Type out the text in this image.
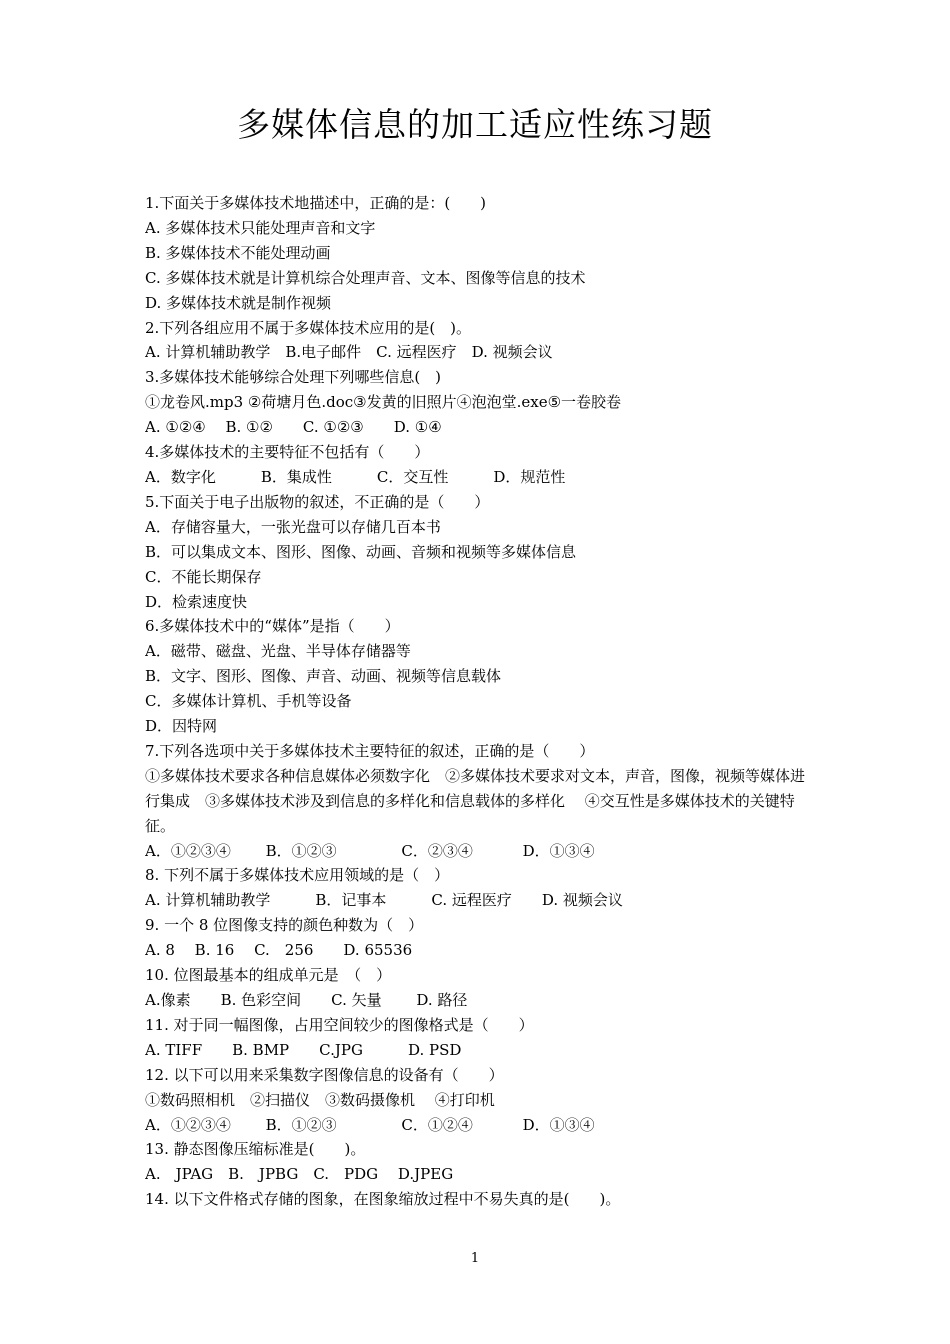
多媒体信息的加工适应性练习题
1.下面关于多媒体技术地描述中，正确的是：(　　)
A. 多媒体技术只能处理声音和文字
B. 多媒体技术不能处理动画
C. 多媒体技术就是计算机综合处理声音、文本、图像等信息的技术
D. 多媒体技术就是制作视频
2.下列各组应用不属于多媒体技术应用的是(　)。
A. 计算机辅助教学　B.电子邮件　C. 远程医疗　D. 视频会议
3.多媒体技术能够综合处理下列哪些信息(　)
①龙卷风.mp3 ②荷塘月色.doc③发黄的旧照片④泡泡堂.exe⑤一卷胶卷
A. ①②④　 B. ①②　　C. ①②③　　D. ①④
4.多媒体技术的主要特征不包括有（　　）
A．数字化　　　B．集成性　　　C．交互性　　　D．规范性
5.下面关于电子出版物的叙述，不正确的是（　　）
A．存储容量大，一张光盘可以存储几百本书
B．可以集成文本、图形、图像、动画、音频和视频等多媒体信息
C．不能长期保存
D．检索速度快
6.多媒体技术中的“媒体”是指（　　）
A．磁带、磁盘、光盘、半导体存储器等
B．文字、图形、图像、声音、动画、视频等信息载体
C．多媒体计算机、手机等设备
D．因特网
7.下列各选项中关于多媒体技术主要特征的叙述，正确的是（　　）
①多媒体技术要求各种信息媒体必须数字化　②多媒体技术要求对文本，声音，图像，视频等媒体进行集成　③多媒体技术涉及到信息的多样化和信息载体的多样化　 ④交互性是多媒体技术的关键特征。
A．①②③④　　 B．①②③　　　　 C．②③④　　　 D．①③④
8. 下列不属于多媒体技术应用领域的是（　）
A. 计算机辅助教学　　　B．记事本　　　C. 远程医疗　　D. 视频会议
9. 一个 8 位图像支持的颜色种数为（　）
A. 8　 B. 16　 C.　256　　D. 65536
10. 位图最基本的组成单元是　（　）
A.像素　　B. 色彩空间　　C. 矢量　　 D. 路径
11. 对于同一幅图像，占用空间较少的图像格式是（　　）
A. TIFF　　B. BMP　　C.JPG　　　D. PSD
12. 以下可以用来采集数字图像信息的设备有（　　）
①数码照相机　②扫描仪　③数码摄像机　 ④打印机
A．①②③④　　 B．①②③　　　　 C．①②④　　　 D．①③④
13. 静态图像压缩标准是(　　)。
A.　JPAG　B.　JPBG　C.　PDG　 D.JPEG
14. 以下文件格式存储的图象，在图象缩放过程中不易失真的是(　　)。
1
